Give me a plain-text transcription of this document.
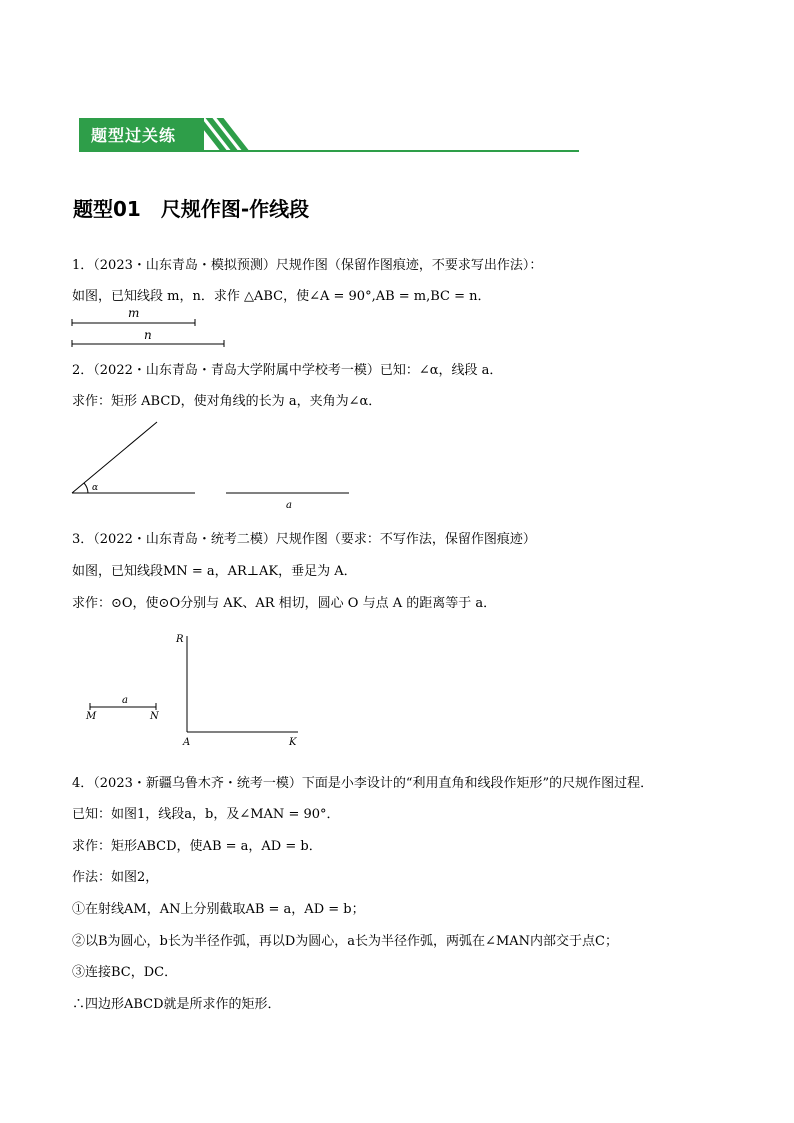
题型过关练
题型01　尺规作图-作线段
1．（2023・山东青岛・模拟预测）尺规作图（保留作图痕迹，不要求写出作法）：
如图，已知线段 m，n．求作 △ABC，使∠A = 90°,AB = m,BC = n．
m
n
2．（2022・山东青岛・青岛大学附属中学校考一模）已知：∠α，线段 a．
求作：矩形 ABCD，使对角线的长为 a，夹角为∠α．
α
a
3．（2022・山东青岛・统考二模）尺规作图（要求：不写作法，保留作图痕迹）
如图，已知线段MN = a，AR⊥AK，垂足为 A．
求作：⊙O，使⊙O分别与 AK、AR 相切，圆心 O 与点 A 的距离等于 a．
R
A	K
M	N
a
4．（2023・新疆乌鲁木齐・统考一模）下面是小李设计的“利用直角和线段作矩形”的尺规作图过程．
已知：如图1，线段a，b，及∠MAN = 90°．
求作：矩形ABCD，使AB = a，AD = b．
作法：如图2，
①在射线AM，AN上分别截取AB = a，AD = b；
②以B为圆心，b长为半径作弧，再以D为圆心，a长为半径作弧，两弧在∠MAN内部交于点C；
③连接BC，DC．
∴四边形ABCD就是所求作的矩形．
